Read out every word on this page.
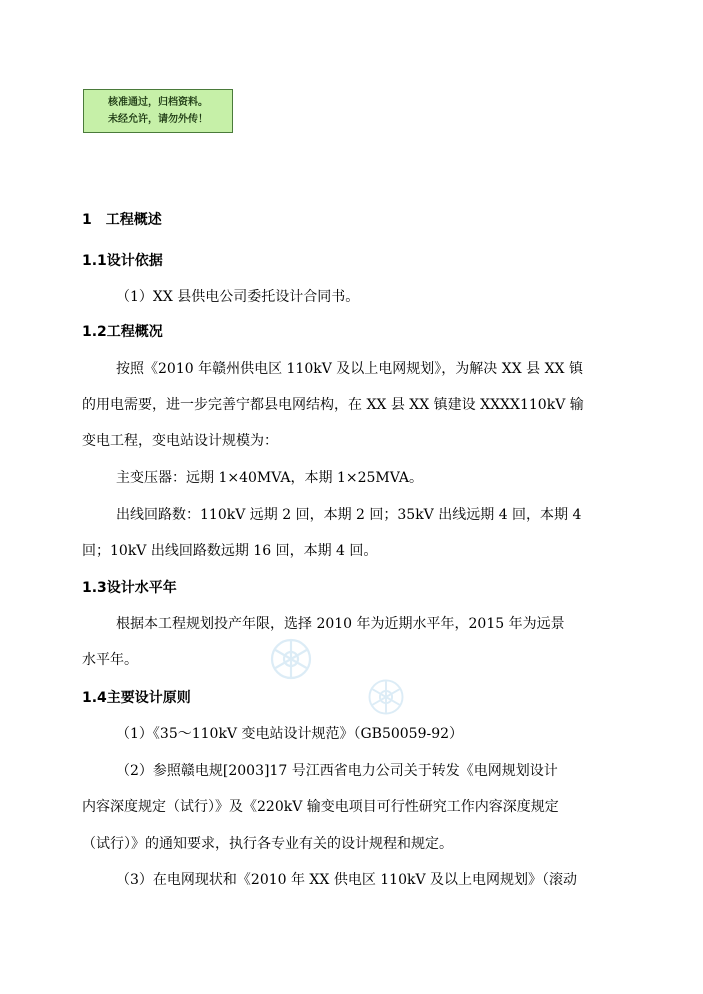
核准通过，归档资料。
未经允许，请勿外传！
1　工程概述
1.1设计依据
（1）XX 县供电公司委托设计合同书。
1.2工程概况
按照《2010 年赣州供电区 110kV 及以上电网规划》，为解决 XX 县 XX 镇
的用电需要，进一步完善宁都县电网结构，在 XX 县 XX 镇建设 XXXX110kV 输
变电工程，变电站设计规模为：
主变压器：远期 1×40MVA，本期 1×25MVA。
出线回路数：110kV 远期 2 回，本期 2 回；35kV 出线远期 4 回，本期 4
回；10kV 出线回路数远期 16 回，本期 4 回。
1.3设计水平年
根据本工程规划投产年限，选择 2010 年为近期水平年，2015 年为远景
水平年。
1.4主要设计原则
（1）《35～110kV 变电站设计规范》（GB50059-92）
（2）参照赣电规[2003]17 号江西省电力公司关于转发《电网规划设计
内容深度规定（试行）》及《220kV 输变电项目可行性研究工作内容深度规定
（试行）》的通知要求，执行各专业有关的设计规程和规定。
（3）在电网现状和《2010 年 XX 供电区 110kV 及以上电网规划》（滚动
